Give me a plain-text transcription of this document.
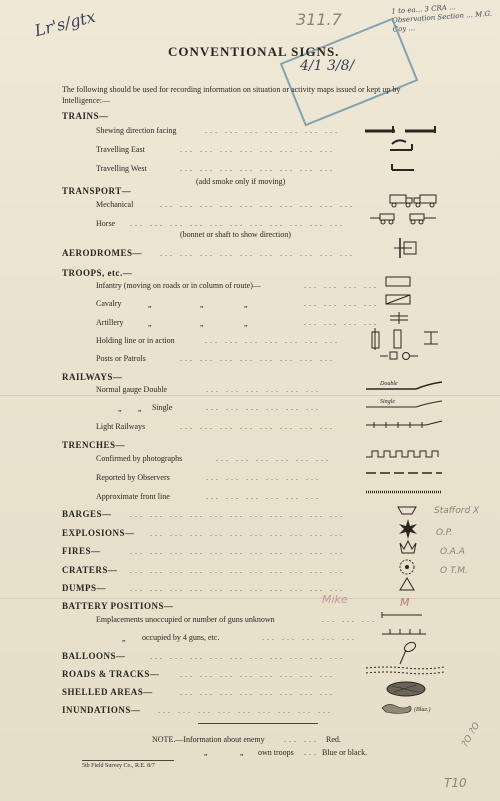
Lr's/gtx	311.7
1 to ea... 3 CRA ... Observation Section ... M.G. Coy ...
4/1 3/8/
CONVENTIONAL SIGNS.
The following should be used for recording information on situation or activity maps issued or kept up by Intelligence:—
TRAINS—
Shewing direction facing	... ... ... ... ... ... ...
Travelling East	... ... ... ... ... ... ... ...
Travelling West	... ... ... ... ... ... ... ...
(add smoke only if moving)
TRANSPORT—
Mechanical	... ... ... ... ... ... ... ... ... ...
Horse ... ... ... ... ... ... ... ... ... ... ...
(bonnet or shaft to show direction)
AERODROMES— ... ... ... ... ... ... ... ... ... ...
TROOPS, etc.—
Infantry (moving on roads or in column of route)—	... ... ... ...
Cavalry	„	„	„	... ... ... ...
Artillery	„	„	„	... ... ... ...
Holding line or in action	... ... ... ... ... ... ...
Posts or Patrols	... ... ... ... ... ... ... ...
RAILWAYS—
Normal gauge Double	... ... ... ... ... ...
Double
„ „ Single	... ... ... ... ... ...
Single
Light Railways	... ... ... ... ... ... ... ...
TRENCHES—
Confirmed by photographs	... ... ... ... ... ...
Reported by Observers	... ... ... ... ... ...
Approximate front line	... ... ... ... ... ...
BARGES— ... ... ... ... ... ... ... ... ... ... ...
EXPLOSIONS— ... ... ... ... ... ... ... ... ... ...
FIRES—	... ... ... ... ... ... ... ... ... ... ...
CRATERS— ... ... ... ... ... ... ... ... ... ... ...
DUMPS—	... ... ... ... ... ... ... ... ... ... ...
BATTERY POSITIONS—
Emplacements unoccupied or number of guns unknown	... ... ...
„ occupied by 4 guns, etc.	... ... ... ... ...
BALLOONS—	... ... ... ... ... ... ... ... ... ...
ROADS & TRACKS—	... ... ... ... ... ... ... ...
SHELLED AREAS—	... ... ... ... ... ... ... ...
INUNDATIONS— ... ... ... ... ... ... ... ... ...	(Blue.)
NOTE.—Information about enemy ... ... Red.
„	„ own troops ... Blue or black.
5th Field Survey Co., R.E. 8/7
Stafford X
O.P.
O.A.A
O T.M.
M
Mike
?O ?O
T10
